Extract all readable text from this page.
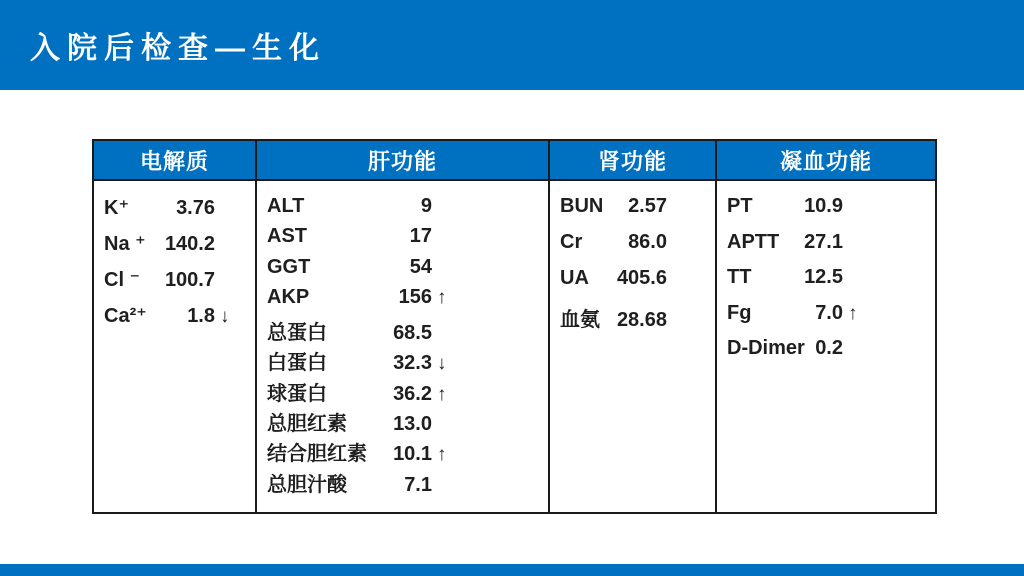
入院后检查—生化
电解质
K⁺	3.76
Na ⁺ 140.2
Cl ⁻	100.7
Ca²⁺	1.8 ↓
肝功能
ALT	9
AST	17
GGT	54
AKP	156 ↑
总蛋白	68.5
白蛋白	32.3 ↓
球蛋白	36.2 ↑
总胆红素	13.0
结合胆红素	10.1 ↑
总胆汁酸	7.1
肾功能
BUN	2.57
Cr	86.0
UA	405.6
血氨 28.68
凝血功能
PT	10.9
APTT	27.1
TT	12.5
Fg	7.0 ↑
D-Dimer 0.2
